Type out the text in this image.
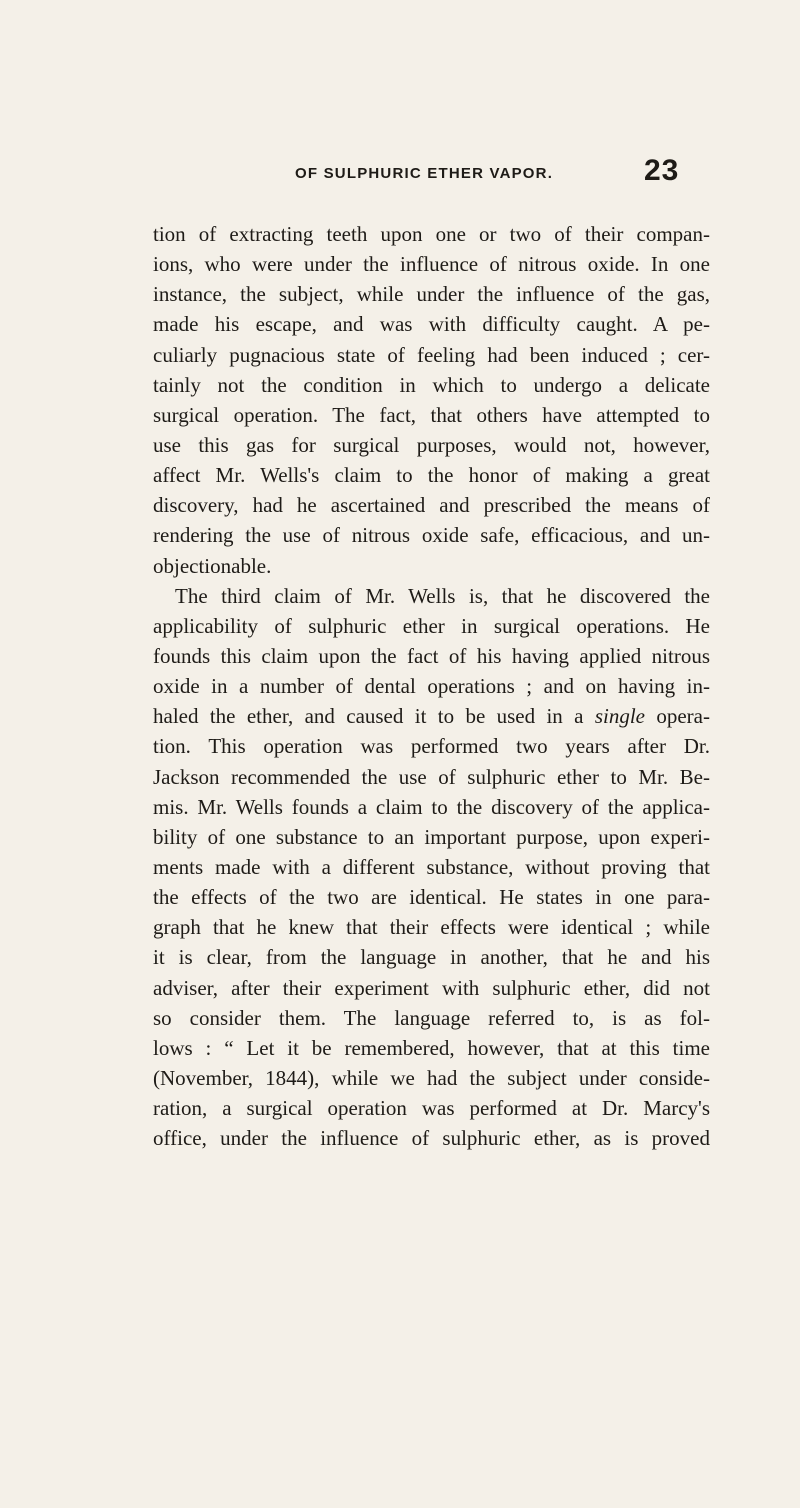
OF SULPHURIC ETHER VAPOR.	23
tion of extracting teeth upon one or two of their compan-
ions, who were under the influence of nitrous oxide. In one
instance, the subject, while under the influence of the gas,
made his escape, and was with difficulty caught. A pe-
culiarly pugnacious state of feeling had been induced ; cer-
tainly not the condition in which to undergo a delicate
surgical operation. The fact, that others have attempted to
use this gas for surgical purposes, would not, however,
affect Mr. Wells's claim to the honor of making a great
discovery, had he ascertained and prescribed the means of
rendering the use of nitrous oxide safe, efficacious, and un-
objectionable.
The third claim of Mr. Wells is, that he discovered the
applicability of sulphuric ether in surgical operations. He
founds this claim upon the fact of his having applied nitrous
oxide in a number of dental operations ; and on having in-
haled the ether, and caused it to be used in a single opera-
tion. This operation was performed two years after Dr.
Jackson recommended the use of sulphuric ether to Mr. Be-
mis. Mr. Wells founds a claim to the discovery of the applica-
bility of one substance to an important purpose, upon experi-
ments made with a different substance, without proving that
the effects of the two are identical. He states in one para-
graph that he knew that their effects were identical ; while
it is clear, from the language in another, that he and his
adviser, after their experiment with sulphuric ether, did not
so consider them. The language referred to, is as fol-
lows : “ Let it be remembered, however, that at this time
(November, 1844), while we had the subject under conside-
ration, a surgical operation was performed at Dr. Marcy's
office, under the influence of sulphuric ether, as is proved
